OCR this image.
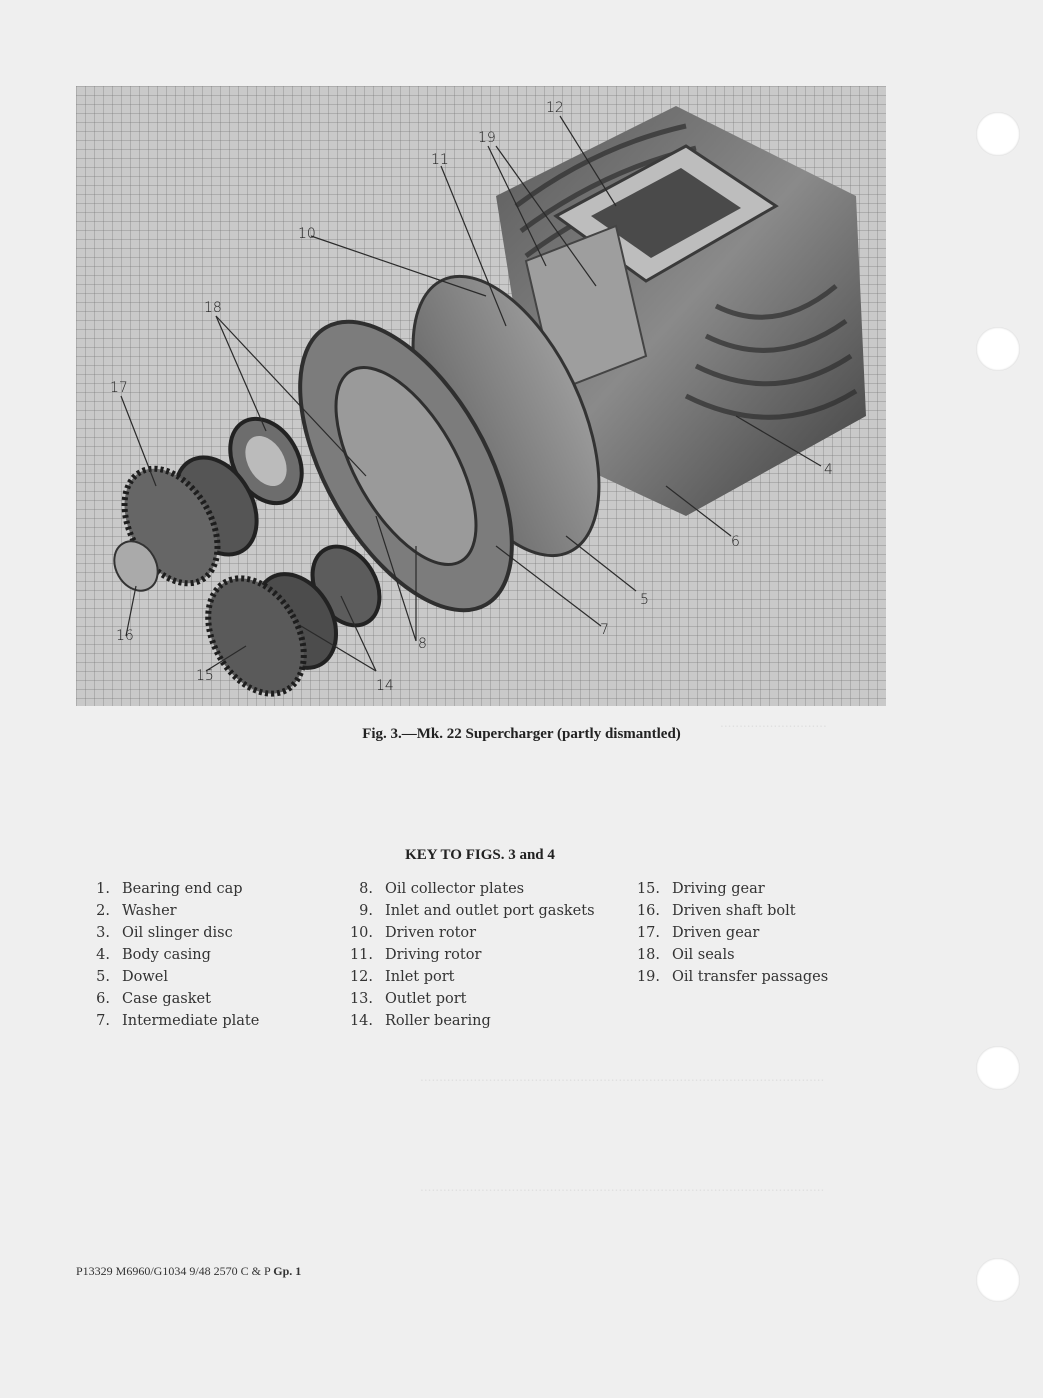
............................
..........................................................................................................
..........................................................................................................
12
19
11
10
18
17
16
15
14
8
7
5
6
4
Fig. 3.—Mk. 22 Supercharger (partly dismantled)
KEY TO FIGS. 3 and 4
1. Bearing end cap
2. Washer
3. Oil slinger disc
4. Body casing
5. Dowel
6. Case gasket
7. Intermediate plate
8. Oil collector plates
9. Inlet and outlet port gaskets
10. Driven rotor
11. Driving rotor
12. Inlet port
13. Outlet port
14. Roller bearing
15. Driving gear
16. Driven shaft bolt
17. Driven gear
18. Oil seals
19. Oil transfer passages
P13329 M6960/G1034 9/48 2570 C & P Gp. 1
